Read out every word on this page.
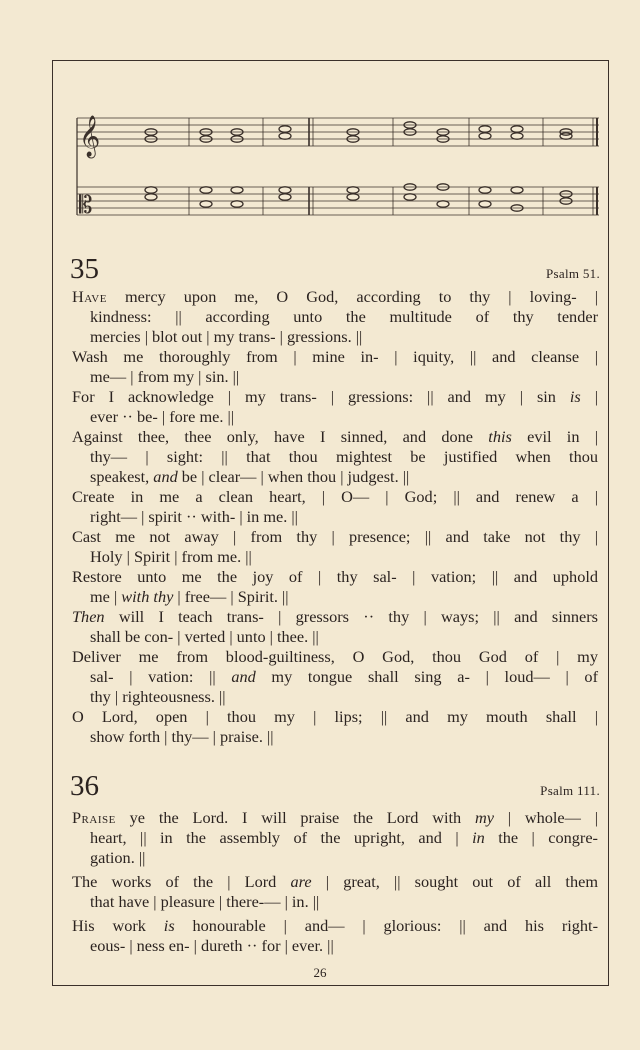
𝄞
𝄡
35	Psalm 51.
Have mercy upon me, O God, according to thy | loving- |
kindness: || according unto the multitude of thy tender
mercies | blot out | my trans- | gressions. ||
Wash me thoroughly from | mine in- | iquity, || and cleanse |
me— | from my | sin. ||
For I acknowledge | my trans- | gressions: || and my | sin is |
ever ·· be- | fore me. ||
Against thee, thee only, have I sinned, and done this evil in |
thy— | sight: || that thou mightest be justified when thou
speakest, and be | clear— | when thou | judgest. ||
Create in me a clean heart, | O— | God; || and renew a |
right— | spirit ·· with- | in me. ||
Cast me not away | from thy | presence; || and take not thy |
Holy | Spirit | from me. ||
Restore unto me the joy of | thy sal- | vation; || and uphold
me | with thy | free— | Spirit. ||
Then will I teach trans- | gressors ·· thy | ways; || and sinners
shall be con- | verted | unto | thee. ||
Deliver me from blood-guiltiness, O God, thou God of | my
sal- | vation: || and my tongue shall sing a- | loud— | of
thy | righteousness. ||
O Lord, open | thou my | lips; || and my mouth shall |
show forth | thy— | praise. ||
36	Psalm 111.
Praise ye the Lord. I will praise the Lord with my | whole— |
heart, || in the assembly of the upright, and | in the | congre-
gation. ||
The works of the | Lord are | great, || sought out of all them
that have | pleasure | there-— | in. ||
His work is honourable | and— | glorious: || and his right-
eous- | ness en- | dureth ·· for | ever. ||
26
